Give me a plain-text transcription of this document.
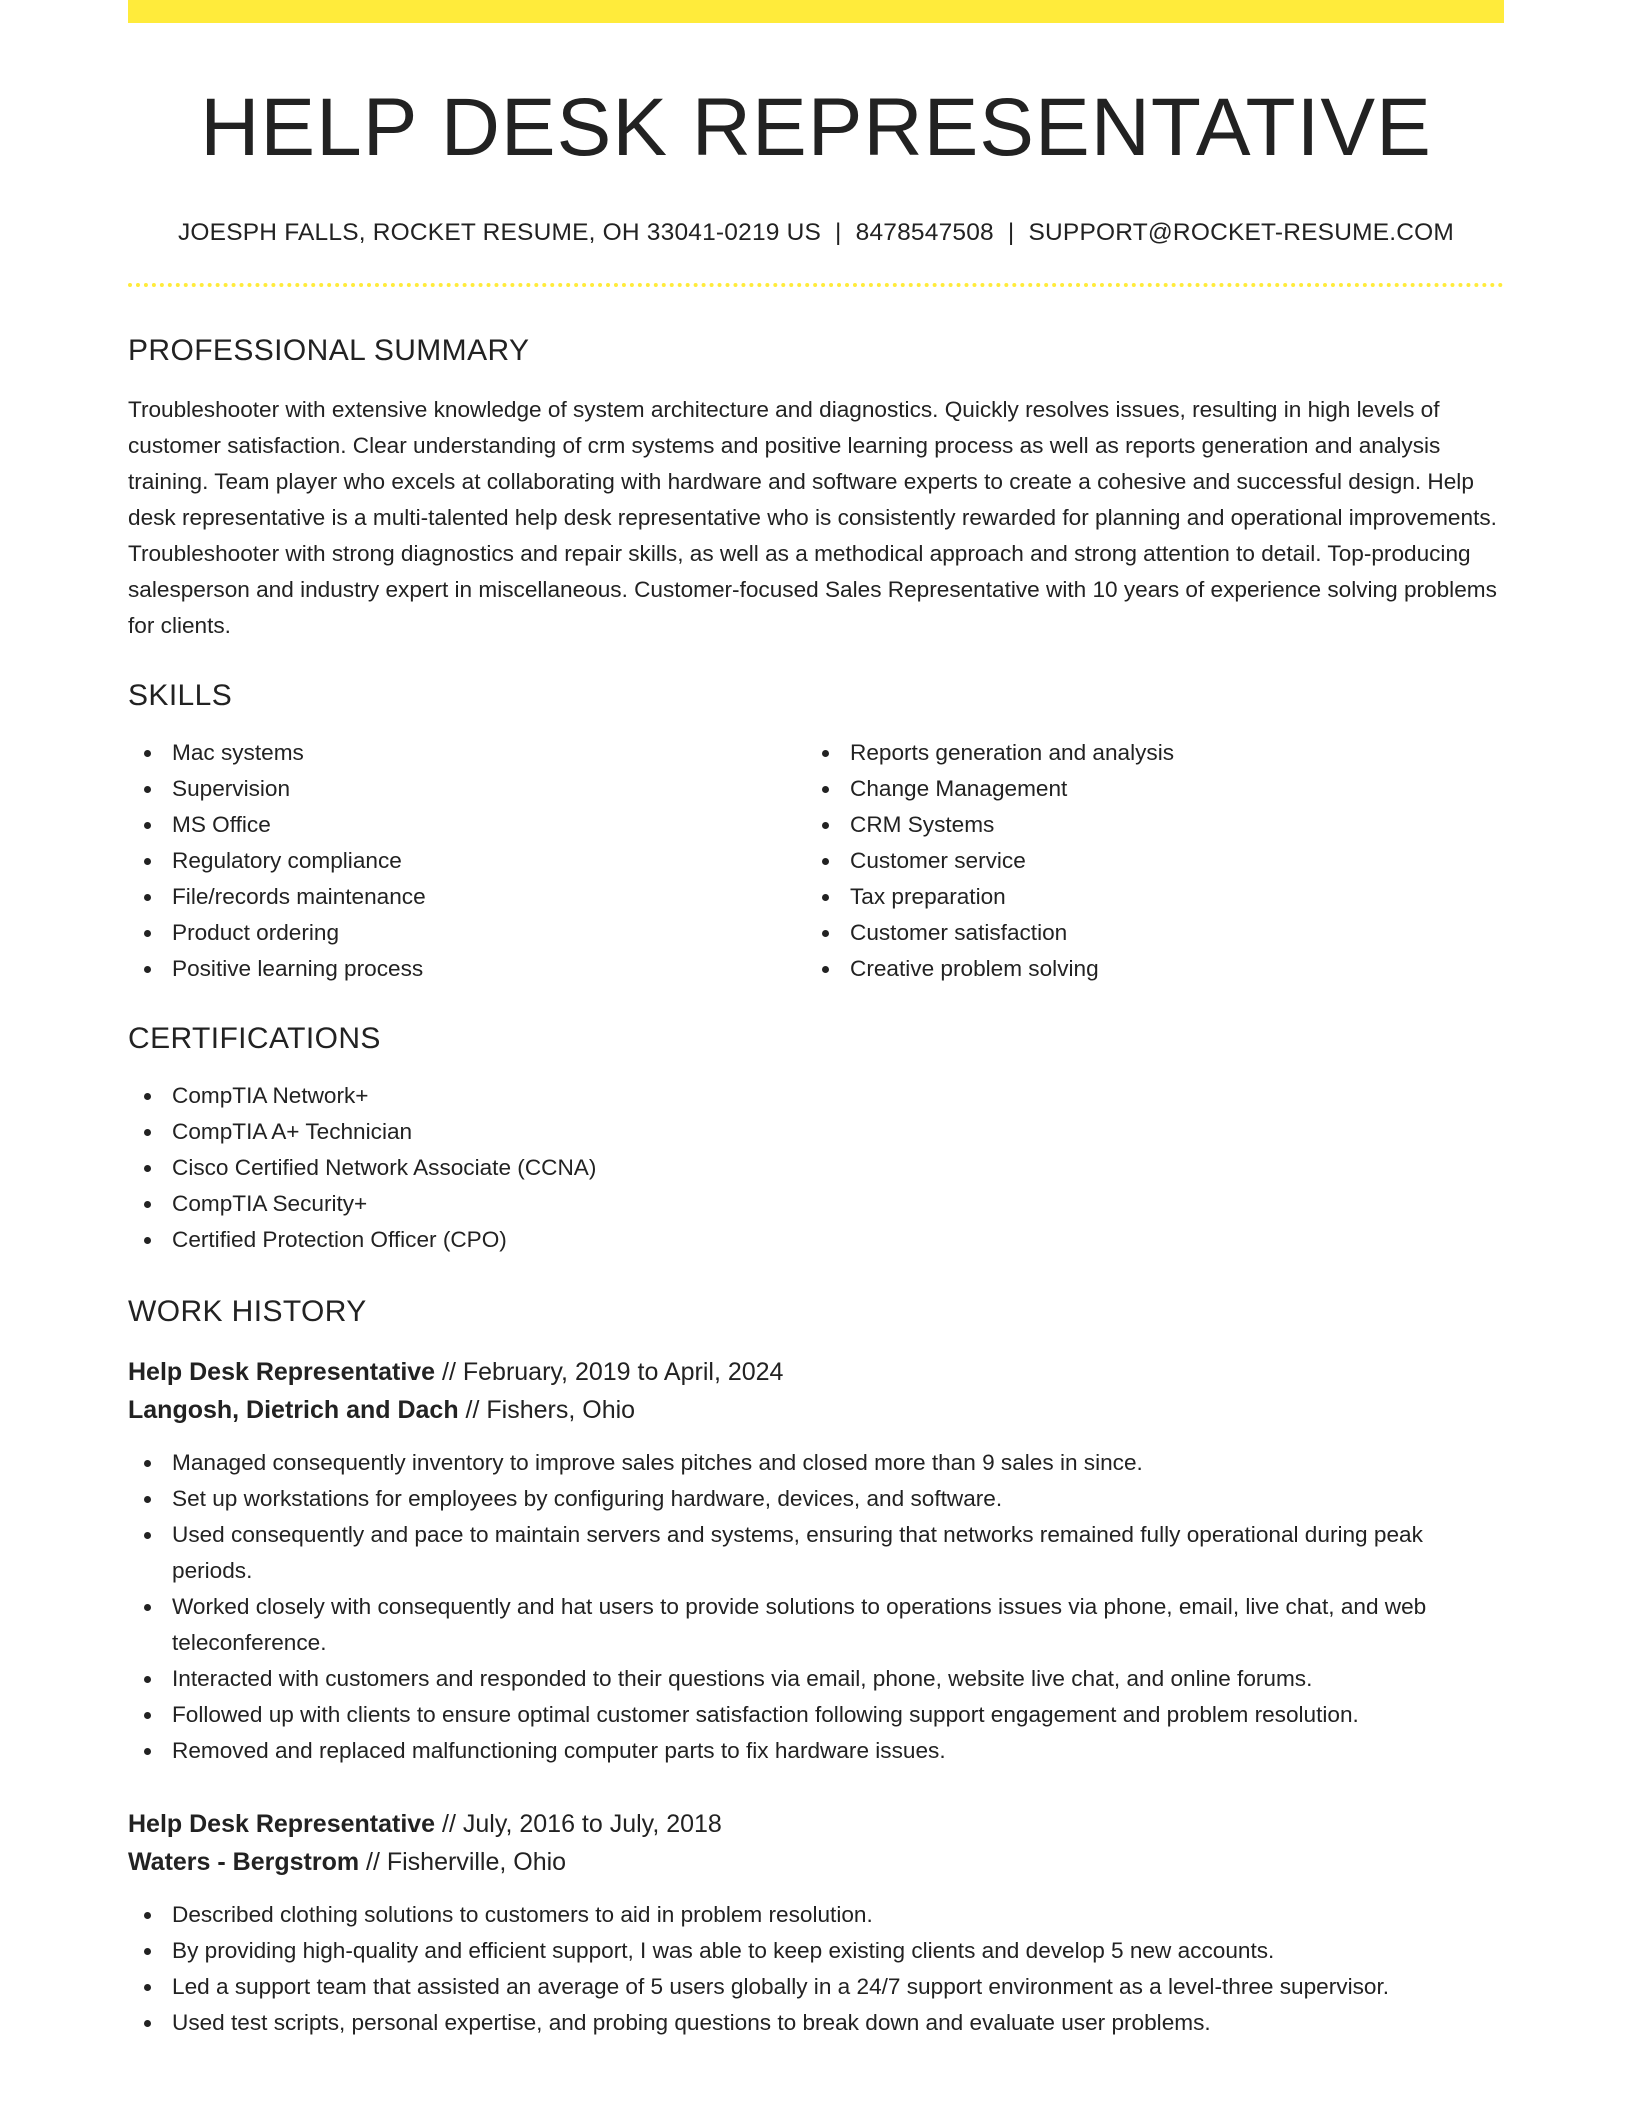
HELP DESK REPRESENTATIVE
JOESPH FALLS, ROCKET RESUME, OH 33041-0219 US | 8478547508 | SUPPORT@ROCKET-RESUME.COM
PROFESSIONAL SUMMARY
Troubleshooter with extensive knowledge of system architecture and diagnostics. Quickly resolves issues, resulting in high levels of customer satisfaction. Clear understanding of crm systems and positive learning process as well as reports generation and analysis training. Team player who excels at collaborating with hardware and software experts to create a cohesive and successful design. Help desk representative is a multi-talented help desk representative who is consistently rewarded for planning and operational improvements. Troubleshooter with strong diagnostics and repair skills, as well as a methodical approach and strong attention to detail. Top-producing salesperson and industry expert in miscellaneous. Customer-focused Sales Representative with 10 years of experience solving problems for clients.
SKILLS
Mac systems
Supervision
MS Office
Regulatory compliance
File/records maintenance
Product ordering
Positive learning process
Reports generation and analysis
Change Management
CRM Systems
Customer service
Tax preparation
Customer satisfaction
Creative problem solving
CERTIFICATIONS
CompTIA Network+
CompTIA A+ Technician
Cisco Certified Network Associate (CCNA)
CompTIA Security+
Certified Protection Officer (CPO)
WORK HISTORY
Help Desk Representative // February, 2019 to April, 2024
Langosh, Dietrich and Dach // Fishers, Ohio
Managed consequently inventory to improve sales pitches and closed more than 9 sales in since.
Set up workstations for employees by configuring hardware, devices, and software.
Used consequently and pace to maintain servers and systems, ensuring that networks remained fully operational during peak periods.
Worked closely with consequently and hat users to provide solutions to operations issues via phone, email, live chat, and web teleconference.
Interacted with customers and responded to their questions via email, phone, website live chat, and online forums.
Followed up with clients to ensure optimal customer satisfaction following support engagement and problem resolution.
Removed and replaced malfunctioning computer parts to fix hardware issues.
Help Desk Representative // July, 2016 to July, 2018
Waters - Bergstrom // Fisherville, Ohio
Described clothing solutions to customers to aid in problem resolution.
By providing high-quality and efficient support, I was able to keep existing clients and develop 5 new accounts.
Led a support team that assisted an average of 5 users globally in a 24/7 support environment as a level-three supervisor.
Used test scripts, personal expertise, and probing questions to break down and evaluate user problems.
